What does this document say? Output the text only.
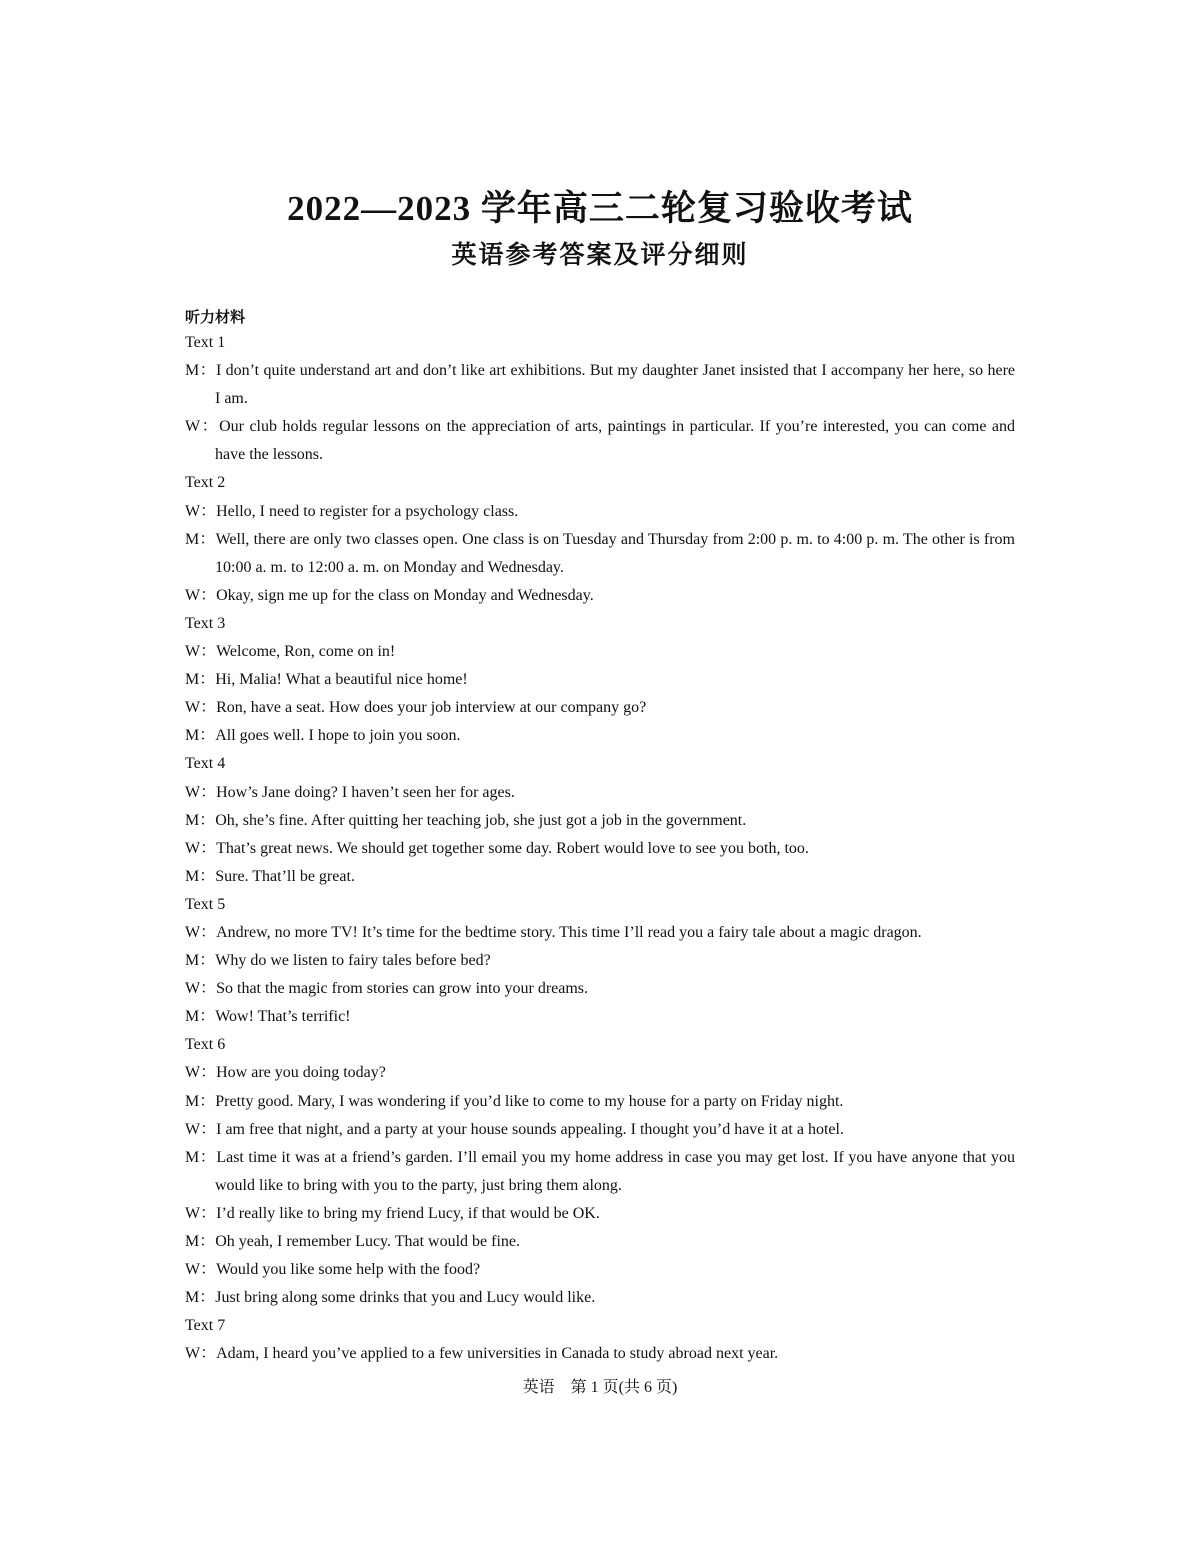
2022—2023 学年高三二轮复习验收考试
英语参考答案及评分细则
听力材料
Text 1
M：I don’t quite understand art and don’t like art exhibitions. But my daughter Janet insisted that I accompany her here, so here I am.
W：Our club holds regular lessons on the appreciation of arts, paintings in particular. If you’re interested, you can come and have the lessons.
Text 2
W：Hello, I need to register for a psychology class.
M：Well, there are only two classes open. One class is on Tuesday and Thursday from 2:00 p. m. to 4:00 p. m. The other is from 10:00 a. m. to 12:00 a. m. on Monday and Wednesday.
W：Okay, sign me up for the class on Monday and Wednesday.
Text 3
W：Welcome, Ron, come on in!
M：Hi, Malia! What a beautiful nice home!
W：Ron, have a seat. How does your job interview at our company go?
M：All goes well. I hope to join you soon.
Text 4
W：How’s Jane doing? I haven’t seen her for ages.
M：Oh, she’s fine. After quitting her teaching job, she just got a job in the government.
W：That’s great news. We should get together some day. Robert would love to see you both, too.
M：Sure. That’ll be great.
Text 5
W：Andrew, no more TV! It’s time for the bedtime story. This time I’ll read you a fairy tale about a magic dragon.
M：Why do we listen to fairy tales before bed?
W：So that the magic from stories can grow into your dreams.
M：Wow! That’s terrific!
Text 6
W：How are you doing today?
M：Pretty good. Mary, I was wondering if you’d like to come to my house for a party on Friday night.
W：I am free that night, and a party at your house sounds appealing. I thought you’d have it at a hotel.
M：Last time it was at a friend’s garden. I’ll email you my home address in case you may get lost. If you have anyone that you would like to bring with you to the party, just bring them along.
W：I’d really like to bring my friend Lucy, if that would be OK.
M：Oh yeah, I remember Lucy. That would be fine.
W：Would you like some help with the food?
M：Just bring along some drinks that you and Lucy would like.
Text 7
W：Adam, I heard you’ve applied to a few universities in Canada to study abroad next year.
英语　第 1 页(共 6 页)
